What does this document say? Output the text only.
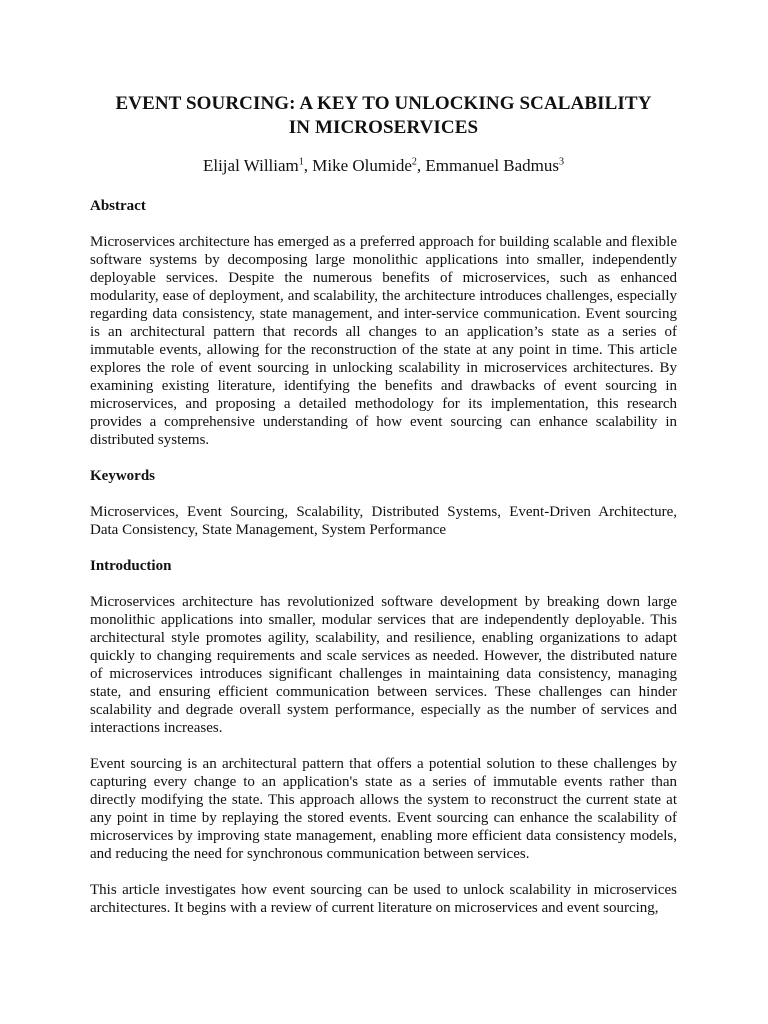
EVENT SOURCING: A KEY TO UNLOCKING SCALABILITY
IN MICROSERVICES

Elijal William$^1$, Mike Olumide$^2$, Emmanuel Badmus$^3$

Abstract

Microservices architecture has emerged as a preferred approach for building scalable and flexible software systems by decomposing large monolithic applications into smaller, independently deployable services. Despite the numerous benefits of microservices, such as enhanced modularity, ease of deployment, and scalability, the architecture introduces challenges, especially regarding data consistency, state management, and inter-service communication. Event sourcing is an architectural pattern that records all changes to an application’s state as a series of immutable events, allowing for the reconstruction of the state at any point in time. This article explores the role of event sourcing in unlocking scalability in microservices architectures. By examining existing literature, identifying the benefits and drawbacks of event sourcing in microservices, and proposing a detailed methodology for its implementation, this research provides a comprehensive understanding of how event sourcing can enhance scalability in distributed systems.

Keywords

Microservices, Event Sourcing, Scalability, Distributed Systems, Event-Driven Architecture, Data Consistency, State Management, System Performance

Introduction

Microservices architecture has revolutionized software development by breaking down large monolithic applications into smaller, modular services that are independently deployable. This architectural style promotes agility, scalability, and resilience, enabling organizations to adapt quickly to changing requirements and scale services as needed. However, the distributed nature of microservices introduces significant challenges in maintaining data consistency, managing state, and ensuring efficient communication between services. These challenges can hinder scalability and degrade overall system performance, especially as the number of services and interactions increases.

Event sourcing is an architectural pattern that offers a potential solution to these challenges by capturing every change to an application's state as a series of immutable events rather than directly modifying the state. This approach allows the system to reconstruct the current state at any point in time by replaying the stored events. Event sourcing can enhance the scalability of microservices by improving state management, enabling more efficient data consistency models, and reducing the need for synchronous communication between services.

This article investigates how event sourcing can be used to unlock scalability in microservices architectures. It begins with a review of current literature on microservices and event sourcing,
